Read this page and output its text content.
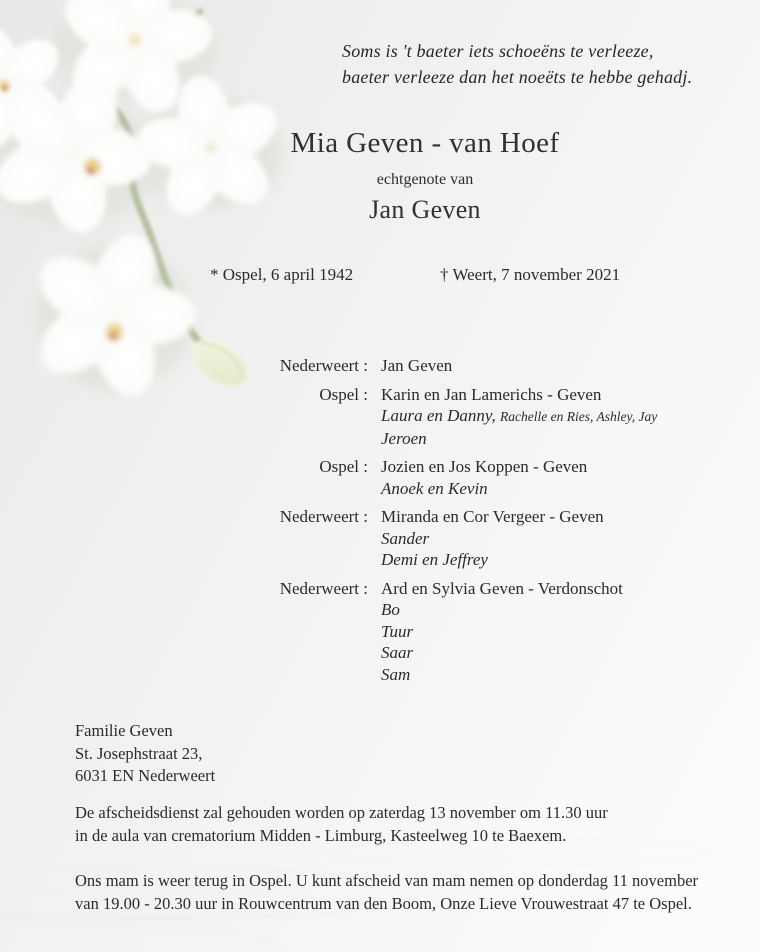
Soms is 't baeter iets schoeëns te verleeze,
baeter verleeze dan het noeëts te hebbe gehadj.
Mia Geven - van Hoef
echtgenote van
Jan Geven
* Ospel, 6 april 1942	† Weert, 7 november 2021
Nederweert : Jan Geven
Ospel : Karin en Jan Lamerichs - Geven
Laura en Danny, Rachelle en Ries, Ashley, Jay
Jeroen
Ospel : Jozien en Jos Koppen - Geven
Anoek en Kevin
Nederweert : Miranda en Cor Vergeer - Geven
Sander
Demi en Jeffrey
Nederweert : Ard en Sylvia Geven - Verdonschot
Bo
Tuur
Saar
Sam
Familie Geven
St. Josephstraat 23,
6031 EN Nederweert
De afscheidsdienst zal gehouden worden op zaterdag 13 november om 11.30 uur
in de aula van crematorium Midden - Limburg, Kasteelweg 10 te Baexem.
Ons mam is weer terug in Ospel. U kunt afscheid van mam nemen op donderdag 11 november
van 19.00 - 20.30 uur in Rouwcentrum van den Boom, Onze Lieve Vrouwestraat 47 te Ospel.
